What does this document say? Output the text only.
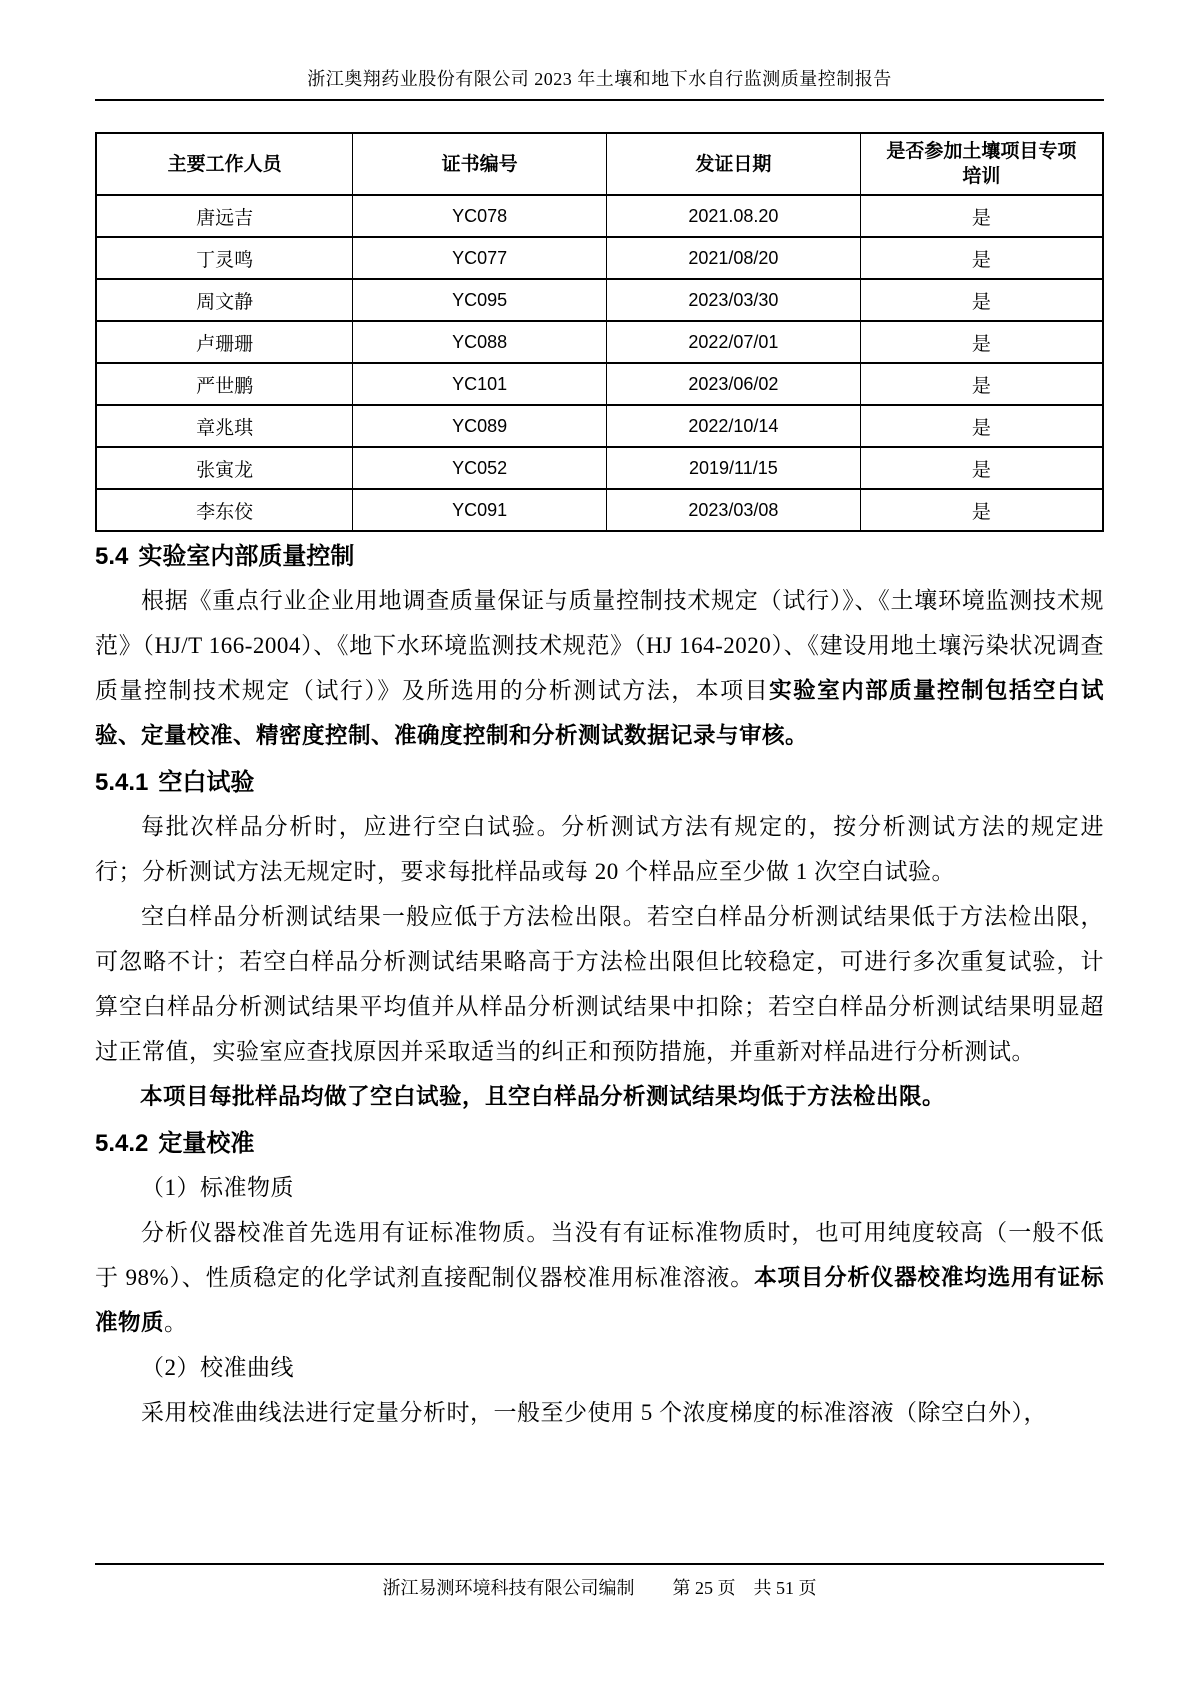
浙江奥翔药业股份有限公司 2023 年土壤和地下水自行监测质量控制报告
主要工作人员	证书编号	发证日期	是否参加土壤项目专项培训
唐远吉	YC078	2021.08.20	是
丁灵鸣	YC077	2021/08/20	是
周文静	YC095	2023/03/30	是
卢珊珊	YC088	2022/07/01	是
严世鹏	YC101	2023/06/02	是
章兆琪	YC089	2022/10/14	是
张寅龙	YC052	2019/11/15	是
李东佼	YC091	2023/03/08	是
5.4 实验室内部质量控制

根据《重点行业企业用地调查质量保证与质量控制技术规定（试行）》、《土壤环境监测技术规范》（HJ/T 166-2004）、《地下水环境监测技术规范》（HJ 164-2020）、《建设用地土壤污染状况调查质量控制技术规定（试行）》及所选用的分析测试方法，本项目实验室内部质量控制包括空白试验、定量校准、精密度控制、准确度控制和分析测试数据记录与审核。

5.4.1 空白试验

每批次样品分析时，应进行空白试验。分析测试方法有规定的，按分析测试方法的规定进行；分析测试方法无规定时，要求每批样品或每 20 个样品应至少做 1 次空白试验。

空白样品分析测试结果一般应低于方法检出限。若空白样品分析测试结果低于方法检出限，可忽略不计；若空白样品分析测试结果略高于方法检出限但比较稳定，可进行多次重复试验，计算空白样品分析测试结果平均值并从样品分析测试结果中扣除；若空白样品分析测试结果明显超过正常值，实验室应查找原因并采取适当的纠正和预防措施，并重新对样品进行分析测试。

本项目每批样品均做了空白试验，且空白样品分析测试结果均低于方法检出限。

5.4.2 定量校准

（1）标准物质

分析仪器校准首先选用有证标准物质。当没有有证标准物质时，也可用纯度较高（一般不低于 98%）、性质稳定的化学试剂直接配制仪器校准用标准溶液。本项目分析仪器校准均选用有证标准物质。

（2）校准曲线

采用校准曲线法进行定量分析时，一般至少使用 5 个浓度梯度的标准溶液（除空白外），

浙江易测环境科技有限公司编制 第 25 页　共 51 页
